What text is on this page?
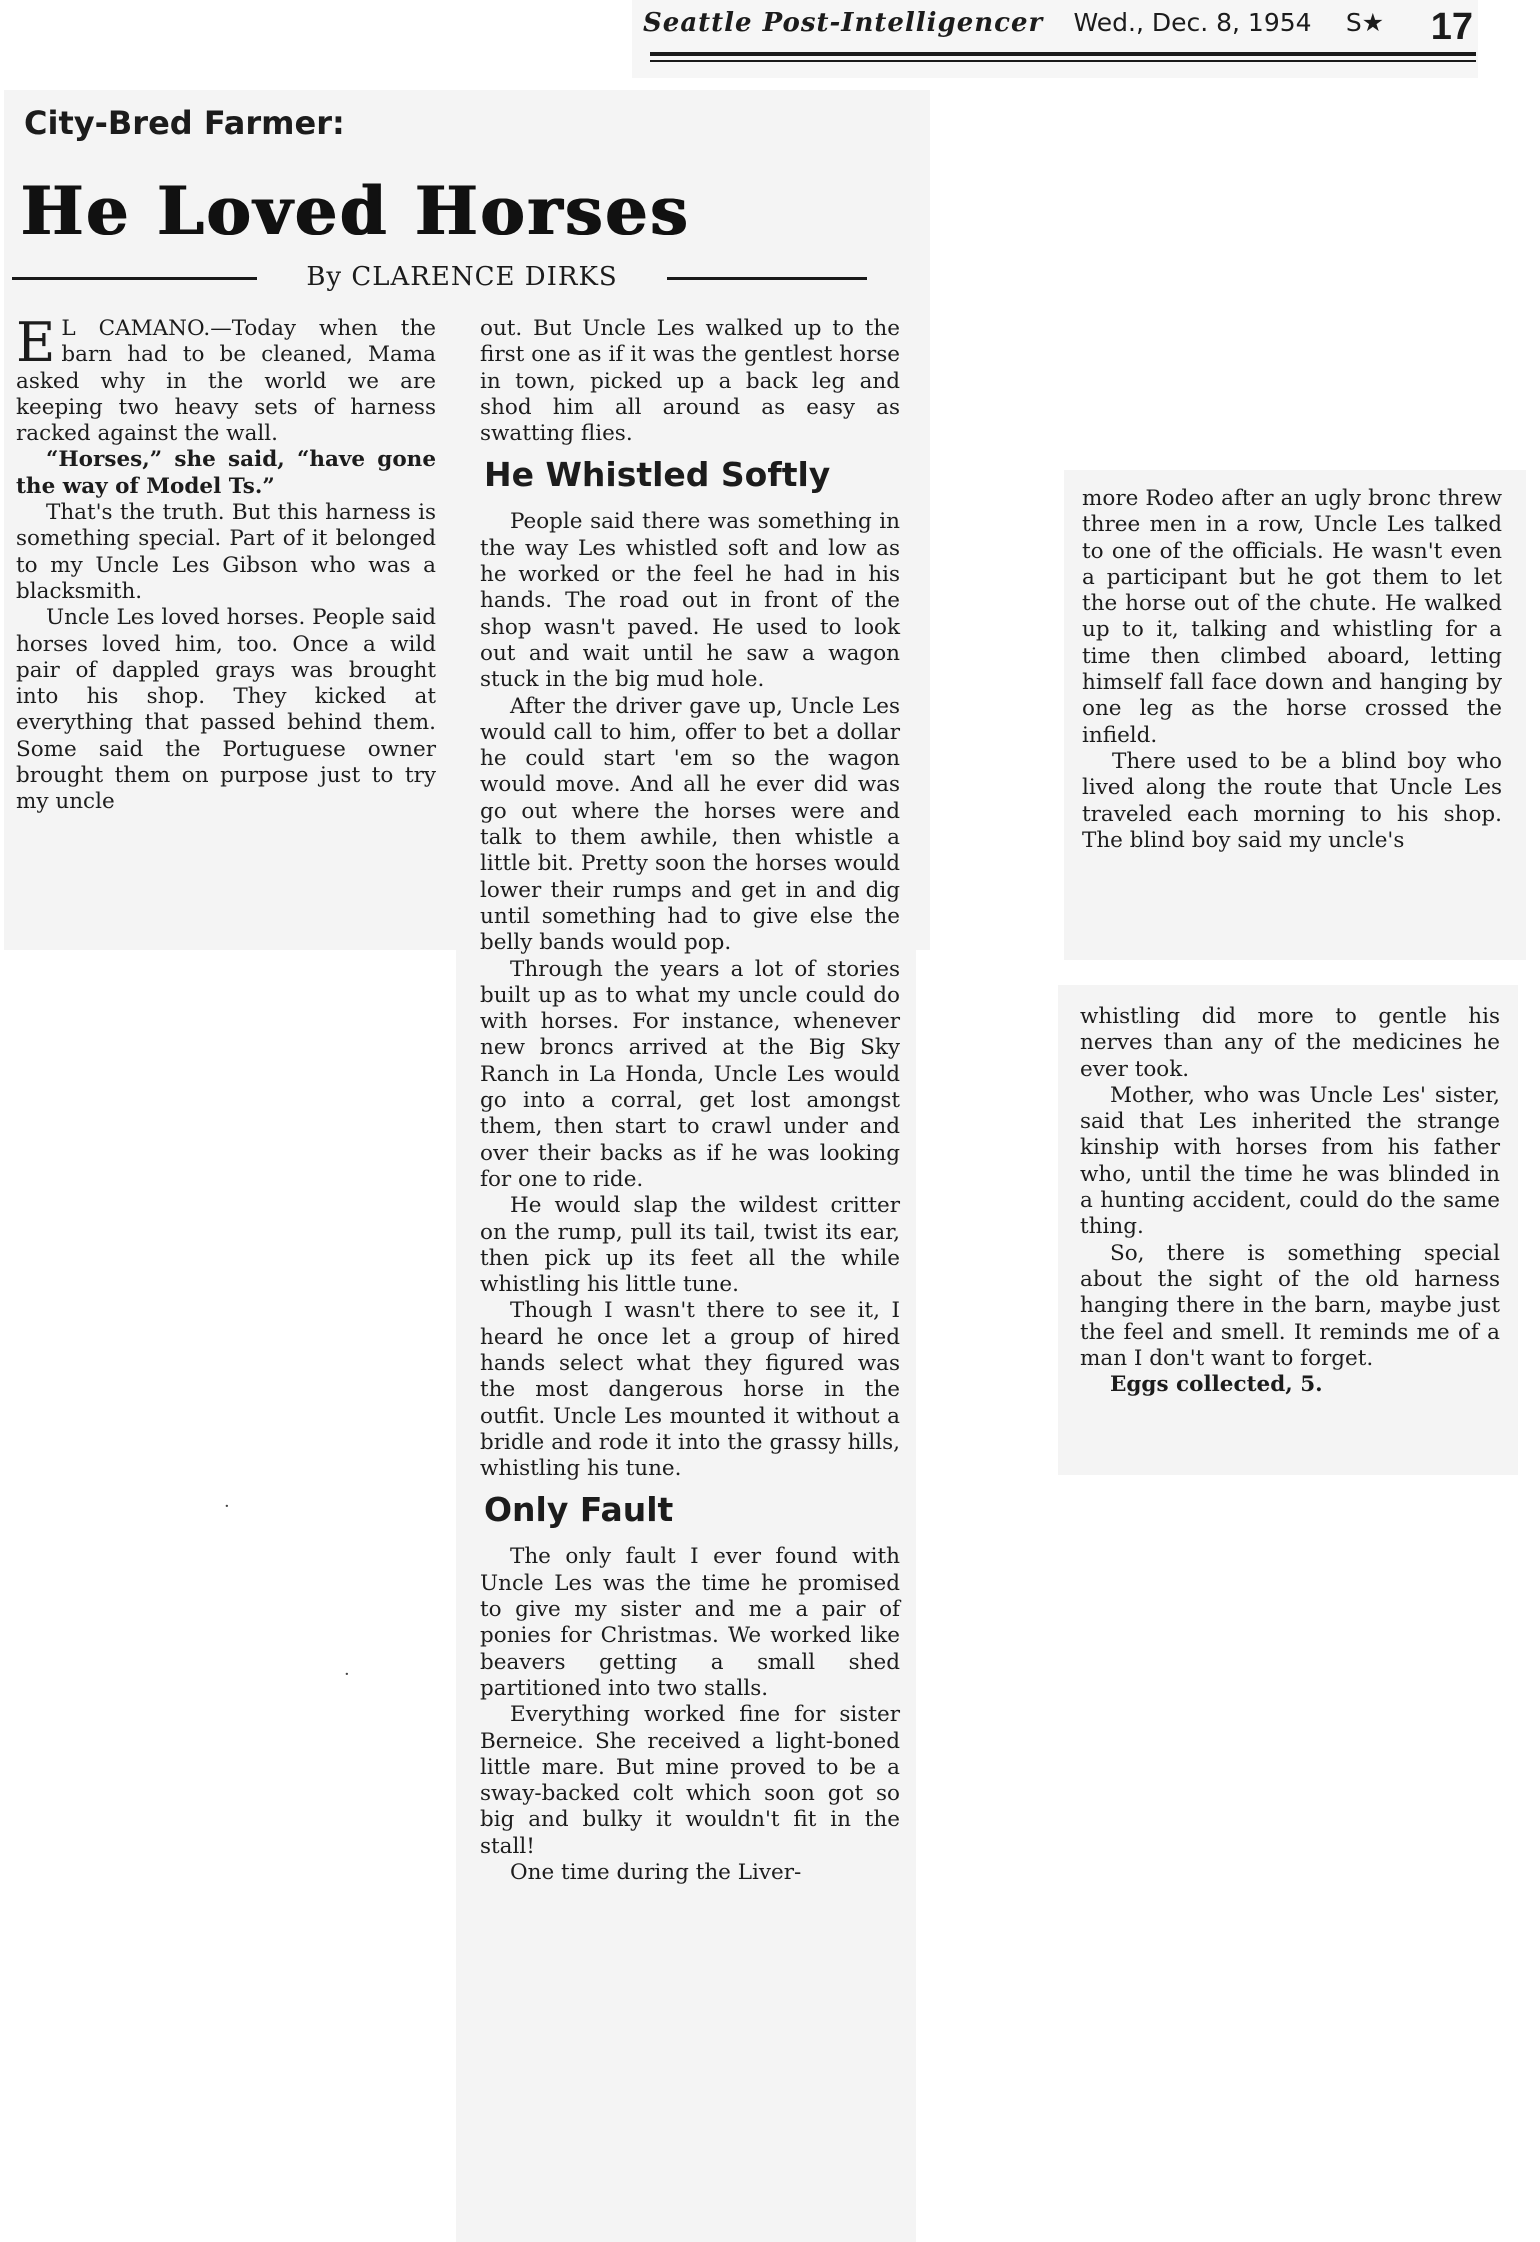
Seattle Post-Intelligencer Wed., Dec. 8, 1954 S★ 17
City-Bred Farmer:
He Loved Horses
By CLARENCE DIRKS

E L CAMANO.—Today when the barn had to be cleaned, Mama asked why in the world we are keeping two heavy sets of harness racked against the wall.

“Horses,” she said, “have gone the way of Model Ts.”

That's the truth. But this harness is something special. Part of it belonged to my Uncle Les Gibson who was a blacksmith.

Uncle Les loved horses. People said horses loved him, too. Once a wild pair of dappled grays was brought into his shop. They kicked at everything that passed behind them. Some said the Portuguese owner brought them on purpose just to try my uncle

out. But Uncle Les walked up to the first one as if it was the gentlest horse in town, picked up a back leg and shod him all around as easy as swatting flies.

He Whistled Softly

People said there was something in the way Les whistled soft and low as he worked or the feel he had in his hands. The road out in front of the shop wasn't paved. He used to look out and wait until he saw a wagon stuck in the big mud hole.

After the driver gave up, Uncle Les would call to him, offer to bet a dollar he could start 'em so the wagon would move. And all he ever did was go out where the horses were and talk to them awhile, then whistle a little bit. Pretty soon the horses would lower their rumps and get in and dig until something had to give else the belly bands would pop.

Through the years a lot of stories built up as to what my uncle could do with horses. For instance, whenever new broncs arrived at the Big Sky Ranch in La Honda, Uncle Les would go into a corral, get lost amongst them, then start to crawl under and over their backs as if he was looking for one to ride.

He would slap the wildest critter on the rump, pull its tail, twist its ear, then pick up its feet all the while whistling his little tune.

Though I wasn't there to see it, I heard he once let a group of hired hands select what they figured was the most dangerous horse in the outfit. Uncle Les mounted it without a bridle and rode it into the grassy hills, whistling his tune.

Only Fault

The only fault I ever found with Uncle Les was the time he promised to give my sister and me a pair of ponies for Christmas. We worked like beavers getting a small shed partitioned into two stalls.

Everything worked fine for sister Berneice. She received a light-boned little mare. But mine proved to be a sway-backed colt which soon got so big and bulky it wouldn't fit in the stall!

One time during the Liver-

more Rodeo after an ugly bronc threw three men in a row, Uncle Les talked to one of the officials. He wasn't even a participant but he got them to let the horse out of the chute. He walked up to it, talking and whistling for a time then climbed aboard, letting himself fall face down and hanging by one leg as the horse crossed the infield.

There used to be a blind boy who lived along the route that Uncle Les traveled each morning to his shop. The blind boy said my uncle's

whistling did more to gentle his nerves than any of the medicines he ever took.

Mother, who was Uncle Les' sister, said that Les inherited the strange kinship with horses from his father who, until the time he was blinded in a hunting accident, could do the same thing.

So, there is something special about the sight of the old harness hanging there in the barn, maybe just the feel and smell. It reminds me of a man I don't want to forget.

Eggs collected, 5.

·
·
